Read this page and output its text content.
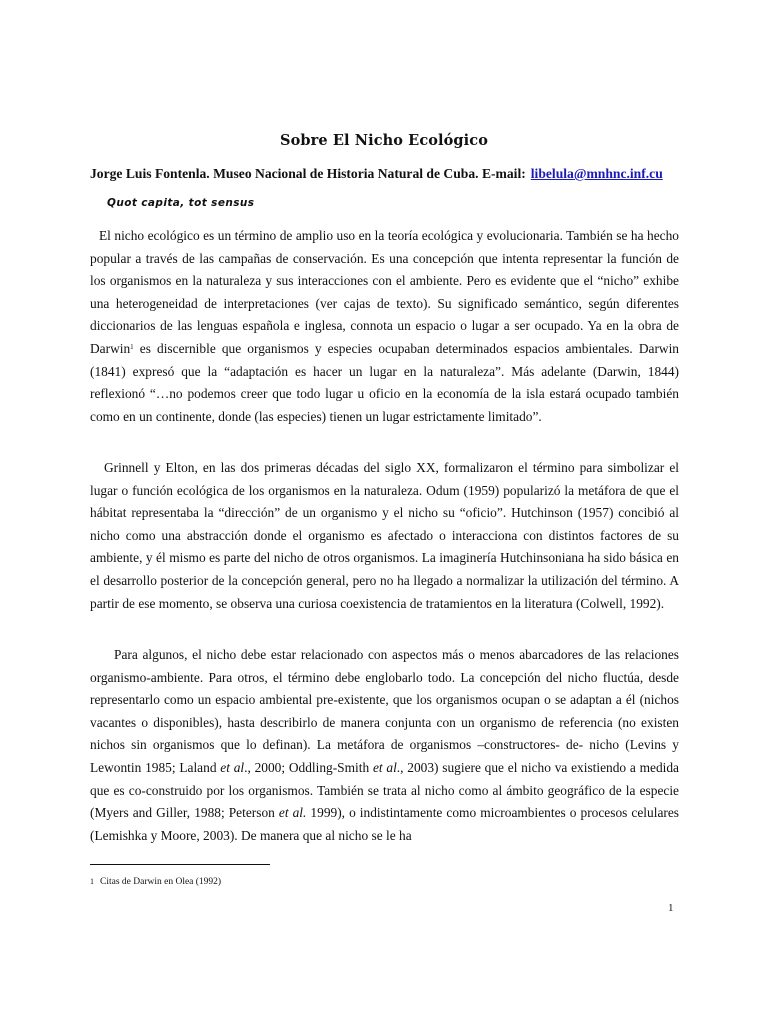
Sobre El Nicho Ecológico
Jorge Luis Fontenla. Museo Nacional de Historia Natural de Cuba. E-mail: libelula@mnhnc.inf.cu
Quot capita, tot sensus

El nicho ecológico es un término de amplio uso en la teoría ecológica y evolucionaria. También se ha hecho popular a través de las campañas de conservación. Es una concepción que intenta representar la función de los organismos en la naturaleza y sus interacciones con el ambiente. Pero es evidente que el “nicho” exhibe una heterogeneidad de interpretaciones (ver cajas de texto). Su significado semántico, según diferentes diccionarios de las lenguas española e inglesa, connota un espacio o lugar a ser ocupado. Ya en la obra de Darwin$^1$ es discernible que organismos y especies ocupaban determinados espacios ambientales. Darwin (1841) expresó que la “adaptación es hacer un lugar en la naturaleza”. Más adelante (Darwin, 1844) reflexionó “…no podemos creer que todo lugar u oficio en la economía de la isla estará ocupado también como en un continente, donde (las especies) tienen un lugar estrictamente limitado”.

Grinnell y Elton, en las dos primeras décadas del siglo XX, formalizaron el término para simbolizar el lugar o función ecológica de los organismos en la naturaleza. Odum (1959) popularizó la metáfora de que el hábitat representaba la “dirección” de un organismo y el nicho su “oficio”. Hutchinson (1957) concibió al nicho como una abstracción donde el organismo es afectado o interacciona con distintos factores de su ambiente, y él mismo es parte del nicho de otros organismos. La imaginería Hutchinsoniana ha sido básica en el desarrollo posterior de la concepción general, pero no ha llegado a normalizar la utilización del término. A partir de ese momento, se observa una curiosa coexistencia de tratamientos en la literatura (Colwell, 1992).

Para algunos, el nicho debe estar relacionado con aspectos más o menos abarcadores de las relaciones organismo-ambiente. Para otros, el término debe englobarlo todo. La concepción del nicho fluctúa, desde representarlo como un espacio ambiental pre-existente, que los organismos ocupan o se adaptan a él (nichos vacantes o disponibles), hasta describirlo de manera conjunta con un organismo de referencia (no existen nichos sin organismos que lo definan). La metáfora de organismos –constructores- de- nicho (Levins y Lewontin 1985; Laland et al., 2000; Oddling-Smith et al., 2003) sugiere que el nicho va existiendo a medida que es co-construido por los organismos. También se trata al nicho como al ámbito geográfico de la especie (Myers and Giller, 1988; Peterson et al. 1999), o indistintamente como microambientes o procesos celulares (Lemishka y Moore, 2003). De manera que al nicho se le ha

1 Citas de Darwin en Olea (1992)
1
